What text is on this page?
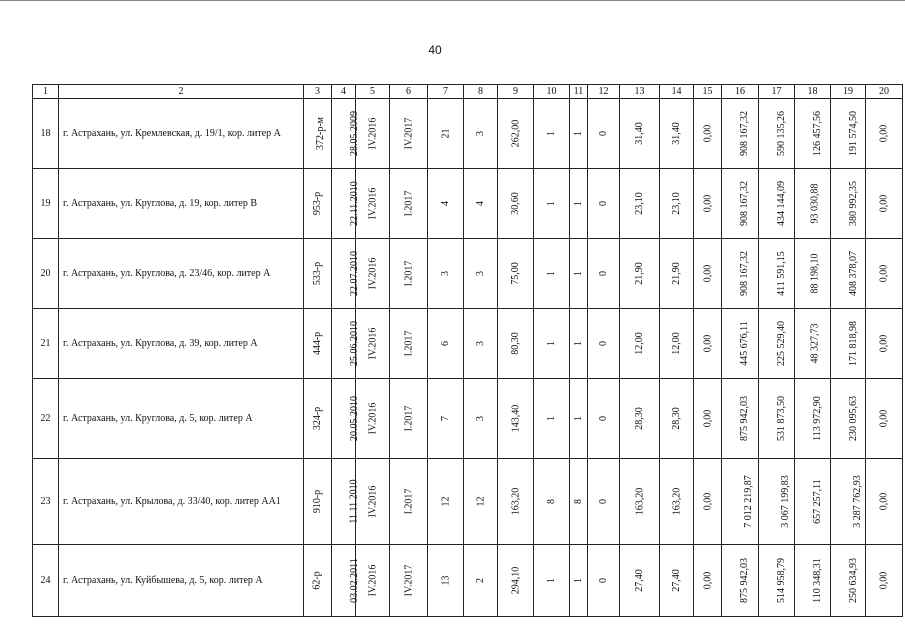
40
1	2	3	4	5	6	7	8	9	10	11	12	13	14	15	16	17	18	19	20
18	г. Астрахань, ул. Кремлевская, д. 19/1, кор. литер А	372-р-м	28.05.2009	IV.2016	IV.2017	21	3	262,00	1	1	0	31,40	31,40	0,00	908 167,32	590 135,26	126 457,56	191 574,50	0,00
19	г. Астрахань, ул. Круглова, д. 19, кор. литер В	953-р	22.11.2010	IV.2016	I.2017	4	4	30,60	1	1	0	23,10	23,10	0,00	908 167,32	434 144,09	93 030,88	380 992,35	0,00
20	г. Астрахань, ул. Круглова, д. 23/46, кор. литер А	533-р	22.07.2010	IV.2016	I.2017	3	3	75,00	1	1	0	21,90	21,90	0,00	908 167,32	411 591,15	88 198,10	408 378,07	0,00
21	г. Астрахань, ул. Круглова, д. 39, кор. литер А	444-р	25.06.2010	IV.2016	I.2017	6	3	80,30	1	1	0	12,00	12,00	0,00	445 676,11	225 529,40	48 327,73	171 818,98	0,00
22	г. Астрахань, ул. Круглова, д. 5, кор. литер А	324-р	20.05.2010	IV.2016	I.2017	7	3	143,40	1	1	0	28,30	28,30	0,00	875 942,03	531 873,50	113 972,90	230 095,63	0,00
23	г. Астрахань, ул. Крылова, д. 33/40, кор. литер АА1	910-р	11.11.2010	IV.2016	I.2017	12	12	163,20	8	8	0	163,20	163,20	0,00	7 012 219,87	3 067 199,83	657 257,11	3 287 762,93	0,00
24	г. Астрахань, ул. Куйбышева, д. 5, кор. литер А	62-р	03.02.2011	IV.2016	IV.2017	13	2	294,10	1	1	0	27,40	27,40	0,00	875 942,03	514 958,79	110 348,31	250 634,93	0,00
